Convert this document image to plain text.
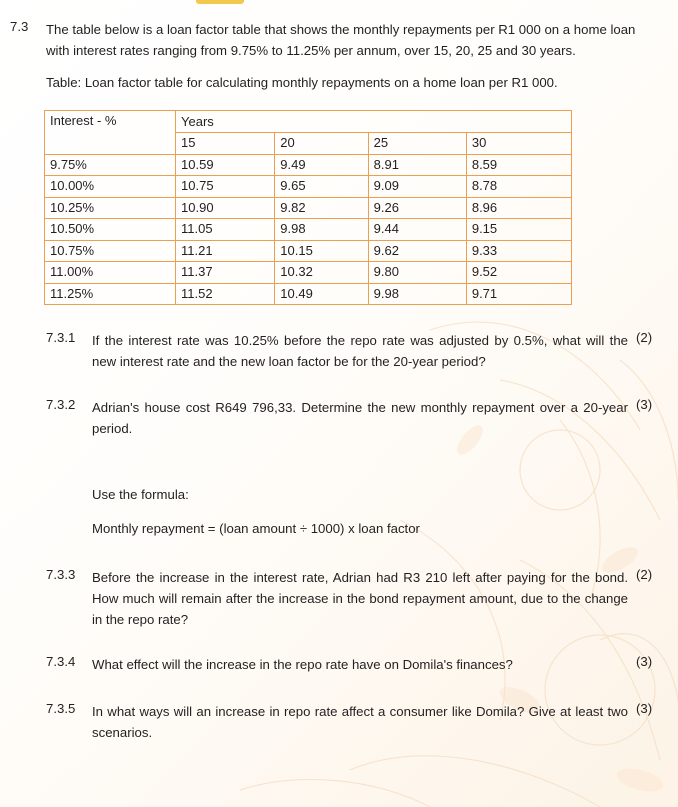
7.3 The table below is a loan factor table that shows the monthly repayments per R1 000 on a home loan with interest rates ranging from 9.75% to 11.25% per annum, over 15, 20, 25 and 30 years.
Table: Loan factor table for calculating monthly repayments on a home loan per R1 000.
Interest - %	Years			
	15	20	25	30
9.75%	10.59	9.49	8.91	8.59
10.00%	10.75	9.65	9.09	8.78
10.25%	10.90	9.82	9.26	8.96
10.50%	11.05	9.98	9.44	9.15
10.75%	11.21	10.15	9.62	9.33
11.00%	11.37	10.32	9.80	9.52
11.25%	11.52	10.49	9.98	9.71
7.3.1 If the interest rate was 10.25% before the repo rate was adjusted by 0.5%, what will the new interest rate and the new loan factor be for the 20-year period?
(2)
7.3.2 Adrian's house cost R649 796,33. Determine the new monthly repayment over a 20-year period.
(3)
Use the formula:
Monthly repayment = (loan amount ÷ 1000) x loan factor
7.3.3 Before the increase in the interest rate, Adrian had R3 210 left after paying for the bond. How much will remain after the increase in the bond repayment amount, due to the change in the repo rate?
(2)
7.3.4 What effect will the increase in the repo rate have on Domila's finances?	(3)
7.3.5 In what ways will an increase in repo rate affect a consumer like Domila? Give at least two scenarios.
(3)
